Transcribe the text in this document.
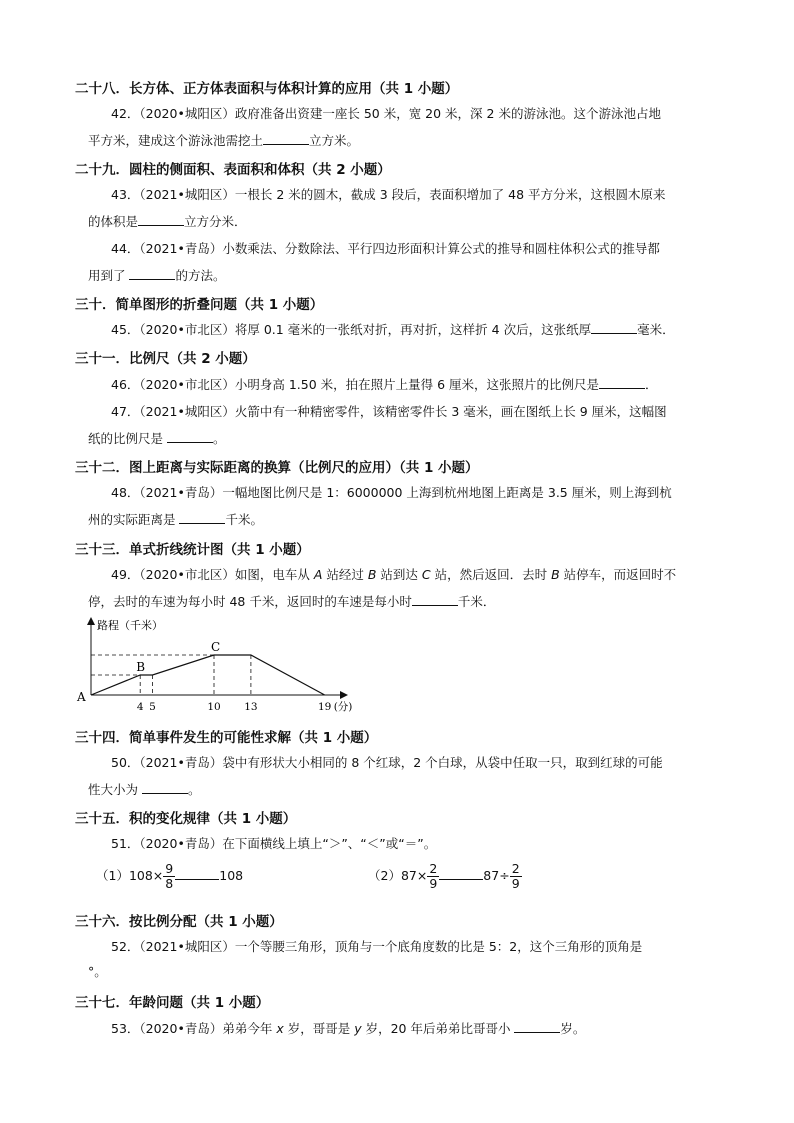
二十八．长方体、正方体表面积与体积计算的应用（共 1 小题）
42．（2020•城阳区）政府准备出资建一座长 50 米，宽 20 米，深 2 米的游泳池。这个游泳池占地
平方米，建成这个游泳池需挖土	立方米。
二十九．圆柱的侧面积、表面积和体积（共 2 小题）
43．（2021•城阳区）一根长 2 米的圆木，截成 3 段后，表面积增加了 48 平方分米，这根圆木原来
的体积是	立方分米．
44．（2021•青岛）小数乘法、分数除法、平行四边形面积计算公式的推导和圆柱体积公式的推导都
用到了	的方法。
三十．简单图形的折叠问题（共 1 小题）
45．（2020•市北区）将厚 0.1 毫米的一张纸对折，再对折，这样折 4 次后，这张纸厚	毫米．
三十一．比例尺（共 2 小题）
46．（2020•市北区）小明身高 1.50 米，拍在照片上量得 6 厘米，这张照片的比例尺是	．
47．（2021•城阳区）火箭中有一种精密零件，该精密零件长 3 毫米，画在图纸上长 9 厘米，这幅图
纸的比例尺是	。
三十二．图上距离与实际距离的换算（比例尺的应用）（共 1 小题）
48．（2021•青岛）一幅地图比例尺是 1：6000000 上海到杭州地图上距离是 3.5 厘米，则上海到杭
州的实际距离是	千米。
三十三．单式折线统计图（共 1 小题）
49．（2020•市北区）如图，电车从 A 站经过 B 站到达 C 站，然后返回．去时 B 站停车，而返回时不
停，去时的车速为每小时 48 千米，返回时的车速是每小时	千米．
路程（千米）
4 5	10 13	19 (分)
A
B
C
三十四．简单事件发生的可能性求解（共 1 小题）
50．（2021•青岛）袋中有形状大小相同的 8 个红球，2 个白球，从袋中任取一只，取到红球的可能
性大小为	。
三十五．积的变化规律（共 1 小题）
51．（2020•青岛）在下面横线上填上“＞”、“＜”或“＝”。
$(1)108\times \frac{9}{8}$	108	$(2)87\times \frac{2}{9}$	$87\div \frac{2}{9}$
三十六．按比例分配（共 1 小题）
52．（2021•城阳区）一个等腰三角形，顶角与一个底角度数的比是 5：2，这个三角形的顶角是
°。
三十七．年龄问题（共 1 小题）
53．（2020•青岛）弟弟今年 x 岁，哥哥是 y 岁，20 年后弟弟比哥哥小	岁。
